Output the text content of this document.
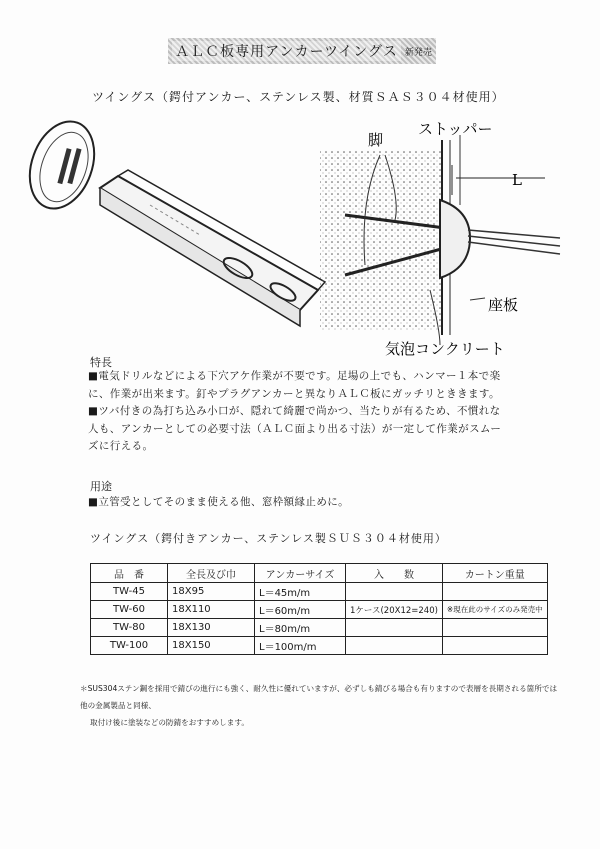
ＡＬＣ板専用アンカーツイングス 新発売
ツイングス（鍔付アンカー、ステンレス製、材質ＳＡＳ３０４材使用）
脚
ストッパー
L
座板
気泡コンクリート
特長

■電気ドリルなどによる下穴アケ作業が不要です。足場の上でも、ハンマー１本で楽

に、作業が出来ます。釘やプラグアンカーと異なりＡＬＣ板にガッチリとききます。

■ツバ付きの為打ち込み小口が、隠れて綺麗で尚かつ、当たりが有るため、不慣れな

人も、アンカーとしての必要寸法（ＡＬＣ面より出る寸法）が一定して作業がスムー

ズに行える。

用途
■立管受としてそのまま使える他、窓枠額縁止めに。
ツイングス（鍔付きアンカー、ステンレス製ＳＵＳ３０４材使用）
品　番	全長及び巾	アンカーサイズ	入　　数	カートン重量
TW-45	18X95	L＝45m/m		
TW-60	18X110	L＝60m/m	1ケース(20X12=240)	※現在此のサイズのみ発売中
TW-80	18X130	L＝80m/m		
TW-100	18X150	L＝100m/m		

＊SUS304ステン鋼を採用で錆びの進行にも強く、耐久性に優れていますが、必ずしも錆びる場合も有りますので表層を長期される箇所では他の金属製品と同様、

取付け後に塗装などの防錆をおすすめします。
